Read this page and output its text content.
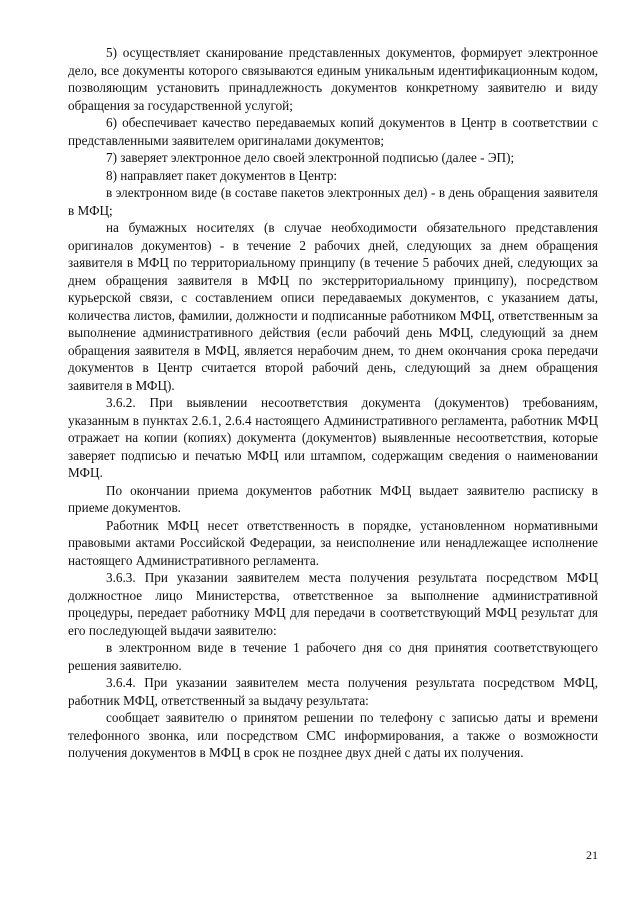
5) осуществляет сканирование представленных документов, формирует электронное дело, все документы которого связываются единым уникальным идентификационным кодом, позволяющим установить принадлежность документов конкретному заявителю и виду обращения за государственной услугой;

6) обеспечивает качество передаваемых копий документов в Центр в соответствии с представленными заявителем оригиналами документов;

7) заверяет электронное дело своей электронной подписью (далее - ЭП);

8) направляет пакет документов в Центр:

в электронном виде (в составе пакетов электронных дел) - в день обращения заявителя в МФЦ;

на бумажных носителях (в случае необходимости обязательного представления оригиналов документов) - в течение 2 рабочих дней, следующих за днем обращения заявителя в МФЦ по территориальному принципу (в течение 5 рабочих дней, следующих за днем обращения заявителя в МФЦ по экстерриториальному принципу), посредством курьерской связи, с составлением описи передаваемых документов, с указанием даты, количества листов, фамилии, должности и подписанные работником МФЦ, ответственным за выполнение административного действия (если рабочий день МФЦ, следующий за днем обращения заявителя в МФЦ, является нерабочим днем, то днем окончания срока передачи документов в Центр считается второй рабочий день, следующий за днем обращения заявителя в МФЦ).

3.6.2. При выявлении несоответствия документа (документов) требованиям, указанным в пунктах 2.6.1, 2.6.4 настоящего Административного регламента, работник МФЦ отражает на копии (копиях) документа (документов) выявленные несоответствия, которые заверяет подписью и печатью МФЦ или штампом, содержащим сведения о наименовании МФЦ.

По окончании приема документов работник МФЦ выдает заявителю расписку в приеме документов.

Работник МФЦ несет ответственность в порядке, установленном нормативными правовыми актами Российской Федерации, за неисполнение или ненадлежащее исполнение настоящего Административного регламента.

3.6.3. При указании заявителем места получения результата посредством МФЦ должностное лицо Министерства, ответственное за выполнение административной процедуры, передает работнику МФЦ для передачи в соответствующий МФЦ результат для его последующей выдачи заявителю:

в электронном виде в течение 1 рабочего дня со дня принятия соответствующего решения заявителю.

3.6.4. При указании заявителем места получения результата посредством МФЦ, работник МФЦ, ответственный за выдачу результата:

сообщает заявителю о принятом решении по телефону с записью даты и времени телефонного звонка, или посредством СМС информирования, а также о возможности получения документов в МФЦ в срок не позднее двух дней с даты их получения.

21
